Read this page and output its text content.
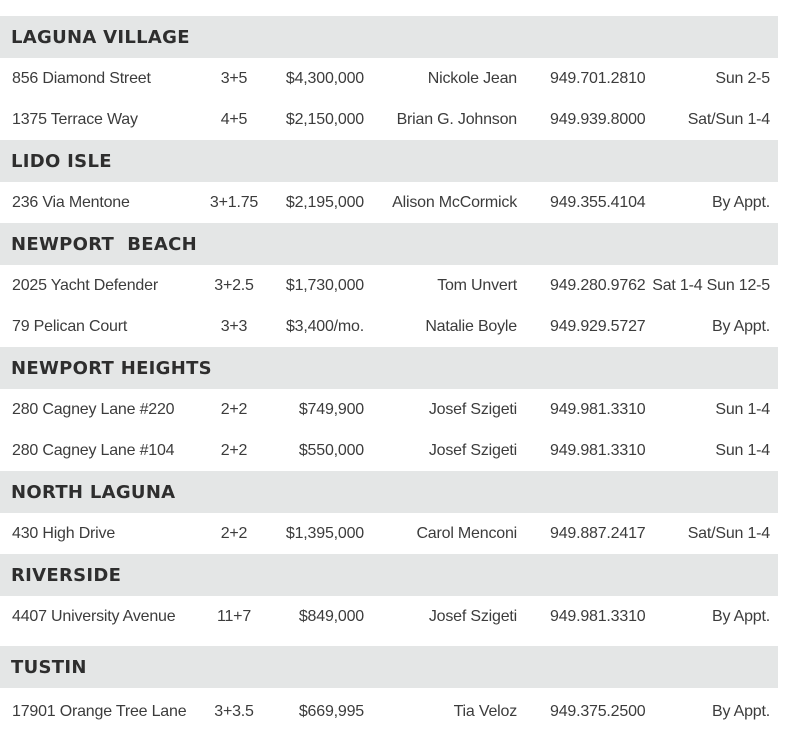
LAGUNA VILLAGE
856 Diamond Street	3+5	$4,300,000	Nickole Jean 949.701.2810	Sun 2-5
1375 Terrace Way	4+5	$2,150,000 Brian G. Johnson 949.939.8000	Sat/Sun 1-4
LIDO ISLE
236 Via Mentone	3+1.75	$2,195,000 Alison McCormick 949.355.4104	By Appt.
NEWPORT  BEACH
2025 Yacht Defender	3+2.5	$1,730,000	Tom Unvert 949.280.9762 Sat 1-4 Sun 12-5
79 Pelican Court	3+3	$3,400/mo.	Natalie Boyle 949.929.5727	By Appt.
NEWPORT HEIGHTS
280 Cagney Lane #220	2+2	$749,900	Josef Szigeti 949.981.3310	Sun 1-4
280 Cagney Lane #104	2+2	$550,000	Josef Szigeti 949.981.3310	Sun 1-4
NORTH LAGUNA
430 High Drive	2+2	$1,395,000	Carol Menconi 949.887.2417	Sat/Sun 1-4
RIVERSIDE
4407 University Avenue	11+7	$849,000	Josef Szigeti 949.981.3310	By Appt.
TUSTIN
17901 Orange Tree Lane	3+3.5	$669,995	Tia Veloz 949.375.2500	By Appt.
